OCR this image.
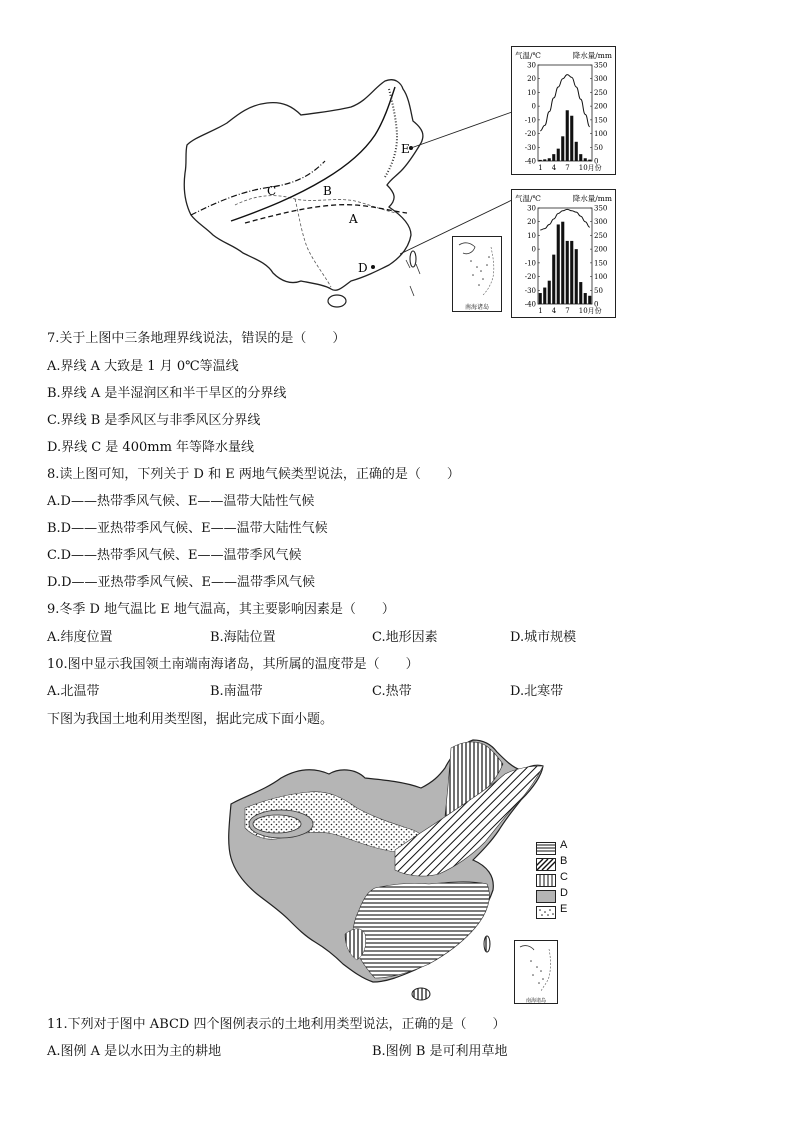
C	B
A
D
E
南海诸岛
气温/℃	降水量/mm
30
20
10
0
-10
-20
-30
-40
350
300
250
200
150
100
50
0
1 4 7 10月份
气温/℃	降水量/mm
30
20
10
0
-10
-20
-30
-40
350
300
250
200
150
100
50
0
1 4 7 10月份
7.关于上图中三条地理界线说法，错误的是（　　）
A.界线 A 大致是 1 月 0℃等温线
B.界线 A 是半湿润区和半干旱区的分界线
C.界线 B 是季风区与非季风区分界线
D.界线 C 是 400mm 年等降水量线
8.读上图可知，下列关于 D 和 E 两地气候类型说法，正确的是（　　）
A.D——热带季风气候、E——温带大陆性气候
B.D——亚热带季风气候、E——温带大陆性气候
C.D——热带季风气候、E——温带季风气候
D.D——亚热带季风气候、E——温带季风气候
9.冬季 D 地气温比 E 地气温高，其主要影响因素是（　　）
A.纬度位置	B.海陆位置	C.地形因素	D.城市规模
10.图中显示我国领土南端南海诸岛，其所属的温度带是（　　）
A.北温带	B.南温带	C.热带	D.北寒带
下图为我国土地利用类型图，据此完成下面小题。
A
B
C
D
E
南海诸岛
11.下列对于图中 ABCD 四个图例表示的土地利用类型说法，正确的是（　　）
A.图例 A 是以水田为主的耕地	B.图例 B 是可利用草地
